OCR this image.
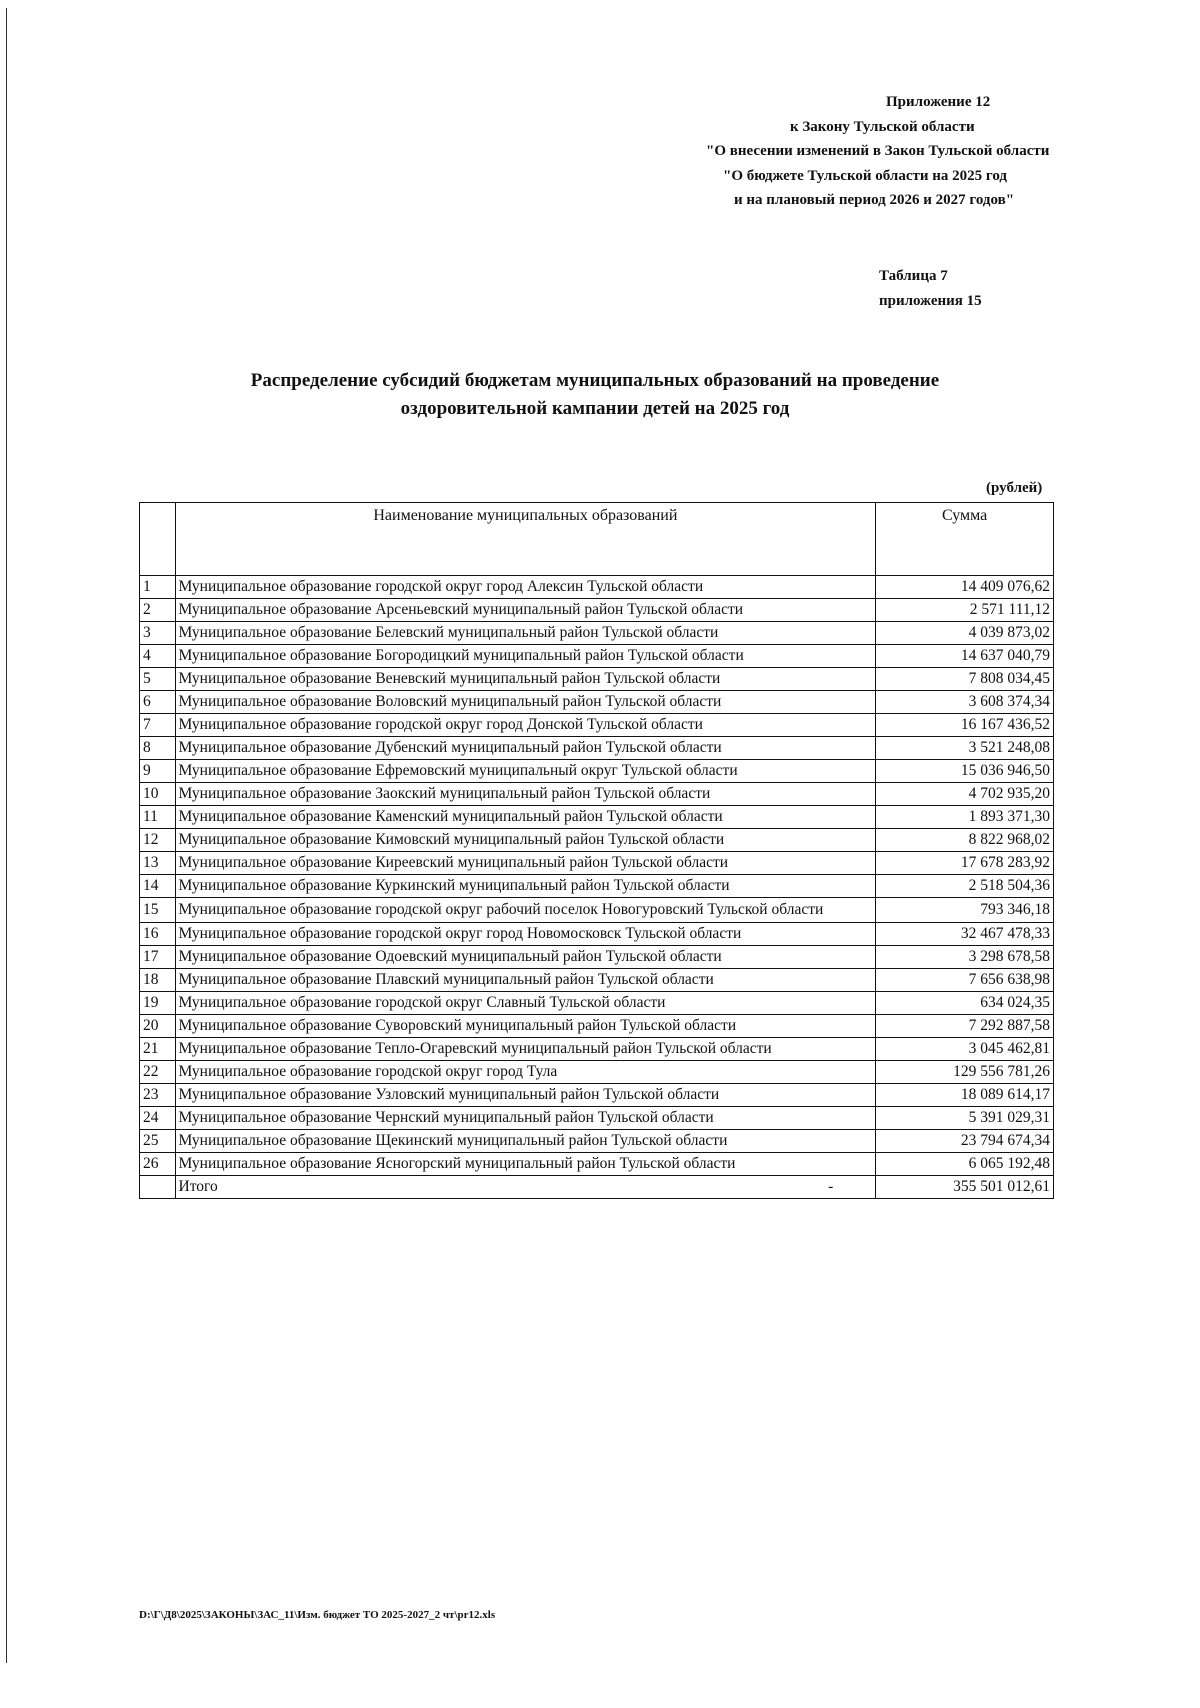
Приложение 12
к Закону Тульской области
"О внесении изменений в Закон Тульской области
"О бюджете Тульской области на 2025 год
и на плановый период 2026 и 2027 годов"
Таблица 7
приложения 15
Распределение субсидий бюджетам муниципальных образований на проведение
оздоровительной кампании детей на 2025 год
(рублей)
	Наименование муниципальных образований	Сумма
1	Муниципальное образование городской округ город Алексин Тульской области	14 409 076,62
2	Муниципальное образование Арсеньевский муниципальный район Тульской области	2 571 111,12
3	Муниципальное образование Белевский муниципальный район Тульской области	4 039 873,02
4	Муниципальное образование Богородицкий муниципальный район Тульской области	14 637 040,79
5	Муниципальное образование Веневский муниципальный район Тульской области	7 808 034,45
6	Муниципальное образование Воловский муниципальный район Тульской области	3 608 374,34
7	Муниципальное образование городской округ город Донской Тульской области	16 167 436,52
8	Муниципальное образование Дубенский муниципальный район Тульской области	3 521 248,08
9	Муниципальное образование Ефремовский муниципальный округ Тульской области	15 036 946,50
10	Муниципальное образование Заокский муниципальный район Тульской области	4 702 935,20
11	Муниципальное образование Каменский муниципальный район Тульской области	1 893 371,30
12	Муниципальное образование Кимовский муниципальный район Тульской области	8 822 968,02
13	Муниципальное образование Киреевский муниципальный район Тульской области	17 678 283,92
14	Муниципальное образование Куркинский муниципальный район Тульской области	2 518 504,36
15	Муниципальное образование городской округ рабочий поселок Новогуровский Тульской области	793 346,18
16	Муниципальное образование городской округ город Новомосковск Тульской области	32 467 478,33
17	Муниципальное образование Одоевский муниципальный район Тульской области	3 298 678,58
18	Муниципальное образование Плавский муниципальный район Тульской области	7 656 638,98
19	Муниципальное образование городской округ Славный Тульской области	634 024,35
20	Муниципальное образование Суворовский муниципальный район Тульской области	7 292 887,58
21	Муниципальное образование Тепло-Огаревский муниципальный район Тульской области	3 045 462,81
22	Муниципальное образование городской округ город Тула	129 556 781,26
23	Муниципальное образование Узловский муниципальный район Тульской области	18 089 614,17
24	Муниципальное образование Чернский муниципальный район Тульской области	5 391 029,31
25	Муниципальное образование Щекинский муниципальный район Тульской области	23 794 674,34
26	Муниципальное образование Ясногорский муниципальный район Тульской области	6 065 192,48
	Итого -	355 501 012,61
D:\Г\Д8\2025\ЗАКОНЫ\ЗАС_11\Изм. бюджет ТО 2025-2027_2 чт\pr12.xls
